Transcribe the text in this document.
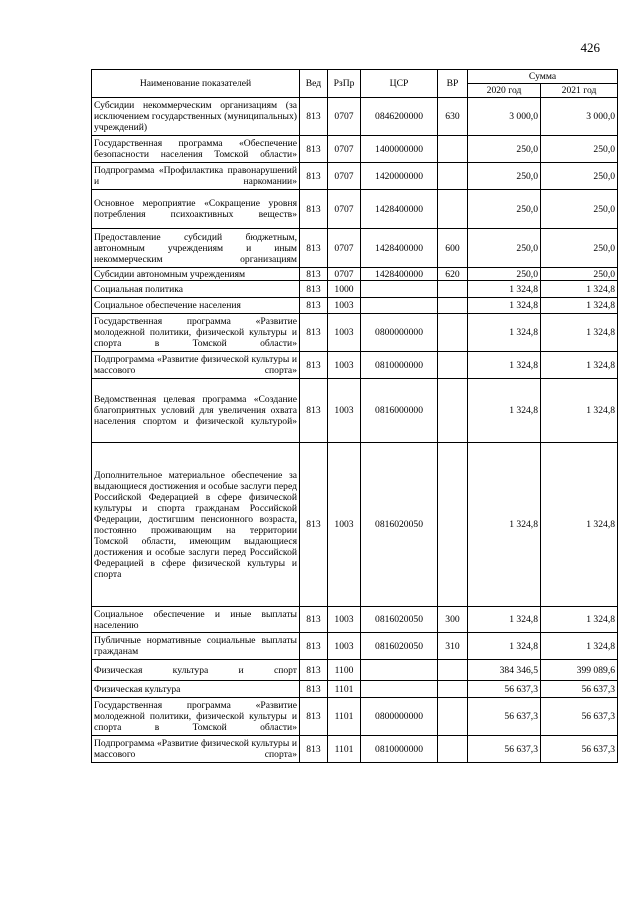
426
Наименование показателей	Вед	РзПр	ЦСР	ВР	Сумма	
					2020 год	2021 год
Субсидии некоммерческим организациям (за исключением государственных (муниципальных) учреждений)	813	0707	0846200000	630	3 000,0	3 000,0
Государственная программа «Обеспечение безопасности населения Томской области»	813	0707	1400000000		250,0	250,0
Подпрограмма «Профилактика правонарушений и наркомании»	813	0707	1420000000		250,0	250,0
Основное мероприятие «Сокращение уровня потребления психоактивных веществ»	813	0707	1428400000		250,0	250,0
Предоставление субсидий бюджетным, автономным учреждениям и иным некоммерческим организациям	813	0707	1428400000	600	250,0	250,0
Субсидии автономным учреждениям	813	0707	1428400000	620	250,0	250,0
Социальная политика	813	1000			1 324,8	1 324,8
Социальное обеспечение населения	813	1003			1 324,8	1 324,8
Государственная программа «Развитие молодежной политики, физической культуры и спорта в Томской области»	813	1003	0800000000		1 324,8	1 324,8
Подпрограмма «Развитие физической культуры и массового спорта»	813	1003	0810000000		1 324,8	1 324,8
Ведомственная целевая программа «Создание благоприятных условий для увеличения охвата населения спортом и физической культурой»	813	1003	0816000000		1 324,8	1 324,8
Дополнительное материальное обеспечение за выдающиеся достижения и особые заслуги перед Российской Федерацией в сфере физической культуры и спорта гражданам Российской Федерации, достигшим пенсионного возраста, постоянно проживающим на территории Томской области, имеющим выдающиеся достижения и особые заслуги перед Российской Федерацией в сфере физической культуры и спорта	813	1003	0816020050		1 324,8	1 324,8
Социальное обеспечение и иные выплаты населению	813	1003	0816020050	300	1 324,8	1 324,8
Публичные нормативные социальные выплаты гражданам	813	1003	0816020050	310	1 324,8	1 324,8
Физическая культура и спорт	813	1100			384 346,5	399 089,6
Физическая культура	813	1101			56 637,3	56 637,3
Государственная программа «Развитие молодежной политики, физической культуры и спорта в Томской области»	813	1101	0800000000		56 637,3	56 637,3
Подпрограмма «Развитие физической культуры и массового спорта»	813	1101	0810000000		56 637,3	56 637,3
